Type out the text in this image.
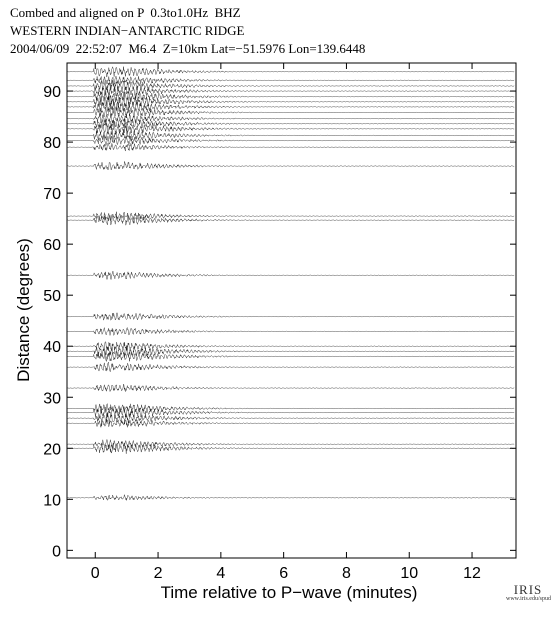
Combed and aligned on P  0.3to1.0Hz  BHZ
WESTERN INDIAN−ANTARCTIC RIDGE
2004/06/09  22:52:07  M6.4  Z=10km Lat=−51.5976 Lon=139.6448
0	2	4	6	8	10	12
0
10
20
30
40
50
60
70
80
90
Time relative to P−wave (minutes)
Distance (degrees)
IRIS
www.iris.edu/spud
